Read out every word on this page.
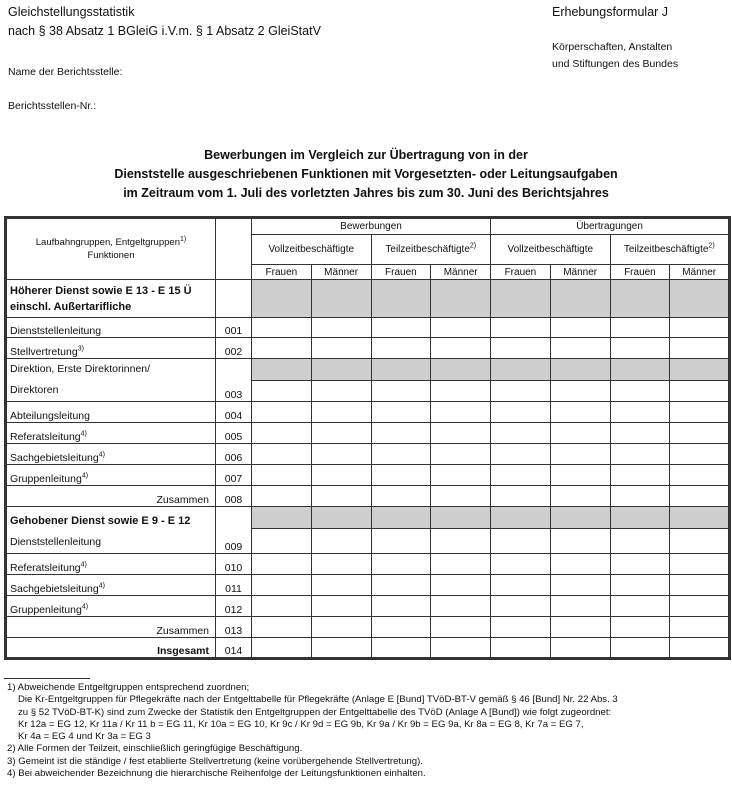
Gleichstellungsstatistik
nach § 38 Absatz 1 BGleiG i.V.m. § 1 Absatz 2 GleiStatV
Name der Berichtsstelle:
Berichtsstellen-Nr.:
Erhebungsformular J
Körperschaften, Anstalten
und Stiftungen des Bundes
Bewerbungen im Vergleich zur Übertragung von in der
Dienststelle ausgeschriebenen Funktionen mit Vorgesetzten- oder Leitungsaufgaben
im Zeitraum vom 1. Juli des vorletzten Jahres bis zum 30. Juni des Berichtsjahres
Laufbahngruppen, Entgeltgruppen$^{1)}$
Funktionen		Bewerbungen				Übertragungen			
		Vollzeitbeschäftigte		Teilzeitbeschäftigte$^{2)}$		Vollzeitbeschäftigte		Teilzeitbeschäftigte$^{2)}$
		Frauen	Männer	Frauen	Männer	Frauen	Männer	Frauen	Männer
Höherer Dienst sowie E 13 - E 15 Ü
einschl. Außertarifliche									
Dienststellenleitung	001								
Stellvertretung$^{3)}$	002								
Direktion, Erste Direktorinnen/
Direktoren									
	003								
Abteilungsleitung	004								
Referatsleitung$^{4)}$	005								
Sachgebietsleitung$^{4)}$	006								
Gruppenleitung$^{4)}$	007								
Zusammen	008								
Gehobener Dienst sowie E 9 - E 12
Dienststellenleitung									
	009								
Referatsleitung$^{4)}$	010								
Sachgebietsleitung$^{4)}$	011								
Gruppenleitung$^{4)}$	012								
Zusammen	013								
Insgesamt	014								
1) Abweichende Entgeltgruppen entsprechend zuordnen;
Die Kr-Entgeltgruppen für Pflegekräfte nach der Entgelttabelle für Pflegekräfte (Anlage E [Bund] TVöD-BT-V gemäß § 46 [Bund] Nr. 22 Abs. 3
zu § 52 TVöD-BT-K) sind zum Zwecke der Statistik den Entgeltgruppen der Entgelttabelle des TVöD (Anlage A [Bund]) wie folgt zugeordnet:
Kr 12a = EG 12, Kr 11a / Kr 11 b = EG 11, Kr 10a = EG 10, Kr 9c / Kr 9d = EG 9b, Kr 9a / Kr 9b = EG 9a, Kr 8a = EG 8, Kr 7a = EG 7,
Kr 4a = EG 4 und Kr 3a = EG 3
2) Alle Formen der Teilzeit, einschließlich geringfügige Beschäftigung.
3) Gemeint ist die ständige / fest etablierte Stellvertretung (keine vorübergehende Stellvertretung).
4) Bei abweichender Bezeichnung die hierarchische Reihenfolge der Leitungsfunktionen einhalten.
